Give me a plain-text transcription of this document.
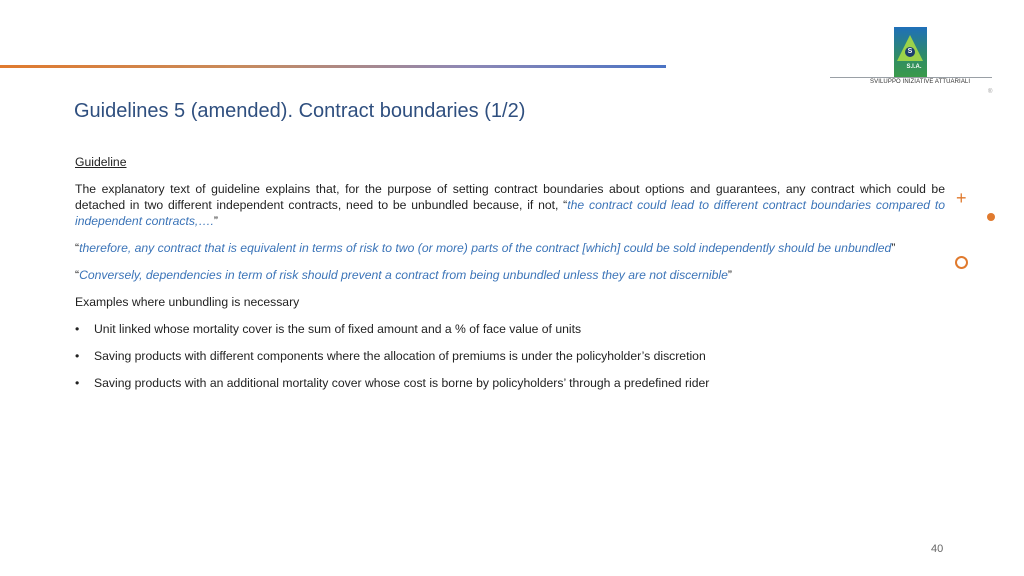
S
S.I.A.
SVILUPPO INIZIATIVE ATTUARIALI
®
Guidelines 5 (amended). Contract boundaries (1/2)

Guideline

The explanatory text of guideline explains that, for the purpose of setting contract boundaries about options and guarantees, any contract which could be detached in two different independent contracts, need to be unbundled because, if not, “the contract could lead to different contract boundaries compared to independent contracts,….”

“therefore, any contract that is equivalent in terms of risk to two (or more) parts of the contract [which] could be sold independently should be unbundled”

“Conversely, dependencies in term of risk should prevent a contract from being unbundled unless they are not discernible”

Examples where unbundling is necessary

• Unit linked whose mortality cover is the sum of fixed amount and a % of face value of units

• Saving products with different components where the allocation of premiums is under the policyholder’s discretion

• Saving products with an additional mortality cover whose cost is borne by policyholders’ through a predefined rider

+
40
